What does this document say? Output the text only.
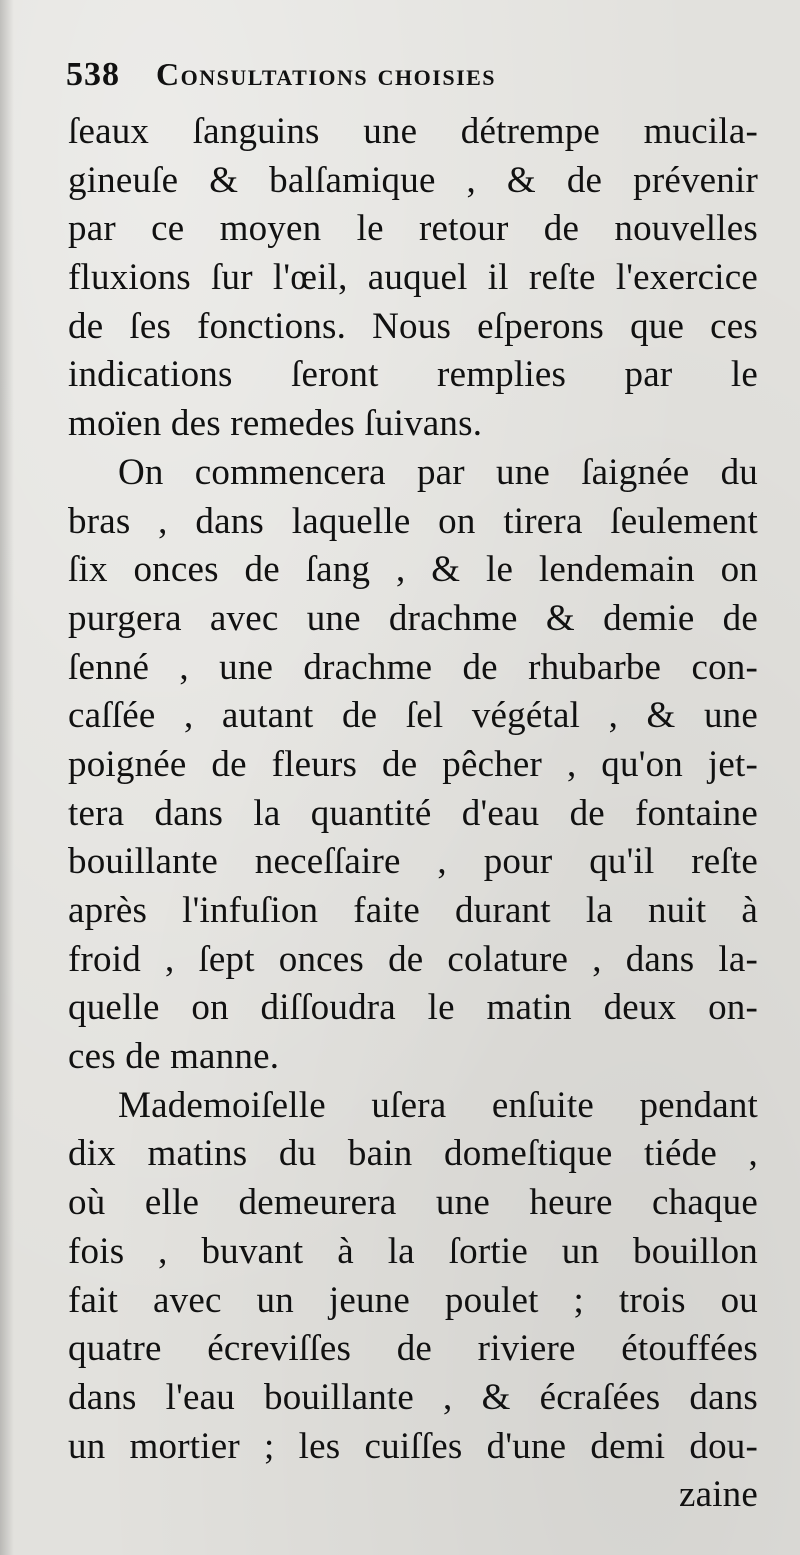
538 Consultations choisies
ſeaux ſanguins une détrempe mucila-
gineuſe & balſamique , & de prévenir
par ce moyen le retour de nouvelles
fluxions ſur l'œil, auquel il reſte l'exercice
de ſes fonctions. Nous eſperons que ces
indications ſeront remplies par le
moïen des remedes ſuivans.
On commencera par une ſaignée du
bras , dans laquelle on tirera ſeulement
ſix onces de ſang , & le lendemain on
purgera avec une drachme & demie de
ſenné , une drachme de rhubarbe con-
caſſée , autant de ſel végétal , & une
poignée de fleurs de pêcher , qu'on jet-
tera dans la quantité d'eau de fontaine
bouillante neceſſaire , pour qu'il reſte
après l'infuſion faite durant la nuit à
froid , ſept onces de colature , dans la-
quelle on diſſoudra le matin deux on-
ces de manne.
Mademoiſelle uſera enſuite pendant
dix matins du bain domeſtique tiéde ,
où elle demeurera une heure chaque
fois , buvant à la ſortie un bouillon
fait avec un jeune poulet ; trois ou
quatre écreviſſes de riviere étouffées
dans l'eau bouillante , & écraſées dans
un mortier ; les cuiſſes d'une demi dou-
zaine
